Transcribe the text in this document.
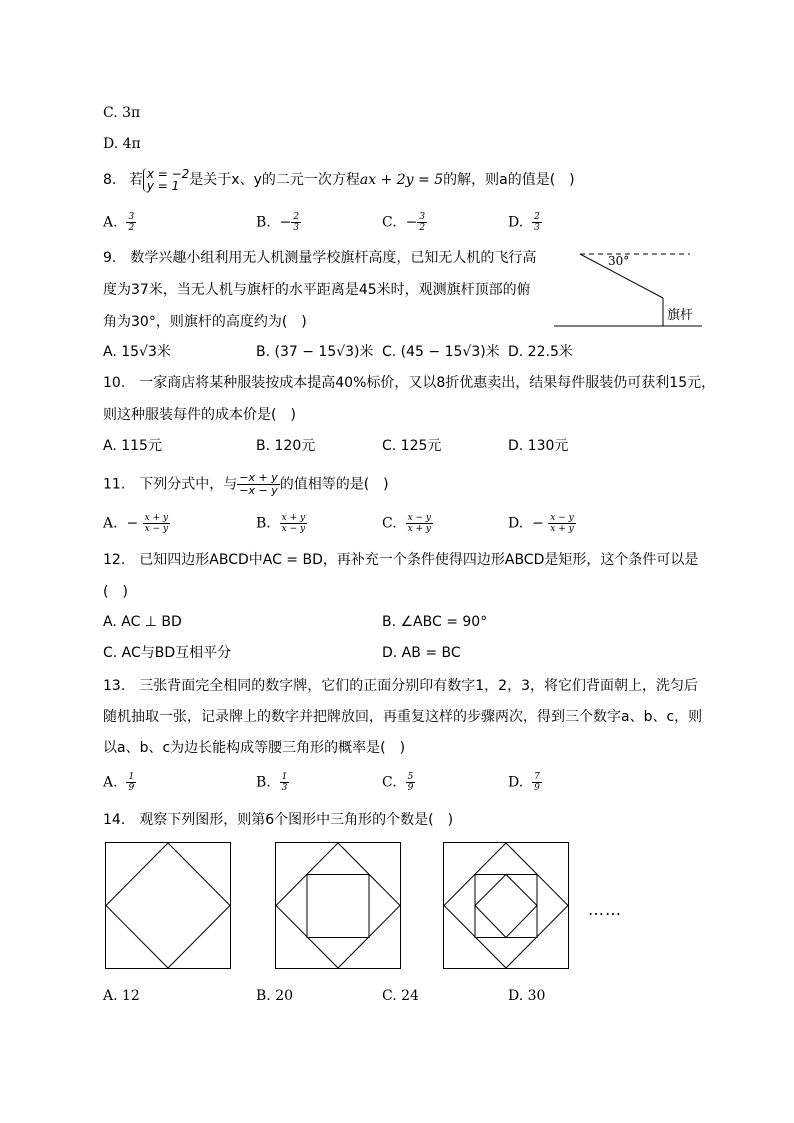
C. 3π
D. 4π
8. 若 x = −2
y = 1 是关于x、y的二元一次方程ax + 2y = 5的解，则a的值是(　)
A. $\frac{3}{2}$	B. − $\frac{2}{3}$	C. − $\frac{3}{2}$	D. $\frac{2}{3}$
9.　数学兴趣小组利用无人机测量学校旗杆高度，已知无人机的飞行高
度为37米，当无人机与旗杆的水平距离是45米时，观测旗杆顶部的俯
角为30°，则旗杆的高度约为(　)
30°
旗杆
A. 15√3米	B. (37 − 15√3)米 C. (45 − 15√3)米 D. 22.5米
10.　一家商店将某种服装按成本提高40%标价，又以8折优惠卖出，结果每件服装仍可获利15元，
则这种服装每件的成本价是(　)
A. 115元	B. 120元	C. 125元	D. 130元
11.　下列分式中，与 $\frac{-x + y}{-x - y}$ 的值相等的是(　)
A. − $\frac{x + y}{x - y}$	B. $\frac{x + y}{x - y}$	C. $\frac{x - y}{x + y}$	D. − $\frac{x - y}{x + y}$
12.　已知四边形ABCD中AC = BD，再补充一个条件使得四边形ABCD是矩形，这个条件可以是
(　)
A. AC ⊥ BD	B. ∠ABC = 90°
C. AC与BD互相平分	D. AB = BC
13.　三张背面完全相同的数字牌，它们的正面分别印有数字1，2，3，将它们背面朝上，洗匀后
随机抽取一张，记录牌上的数字并把牌放回，再重复这样的步骤两次，得到三个数字a、b、c，则
以a、b、c为边长能构成等腰三角形的概率是(　)
A. $\frac{1}{9}$	B. $\frac{1}{3}$	C. $\frac{5}{9}$	D. $\frac{7}{9}$
14.　观察下列图形，则第6个图形中三角形的个数是(　)
……
A. 12	B. 20	C. 24	D. 30
